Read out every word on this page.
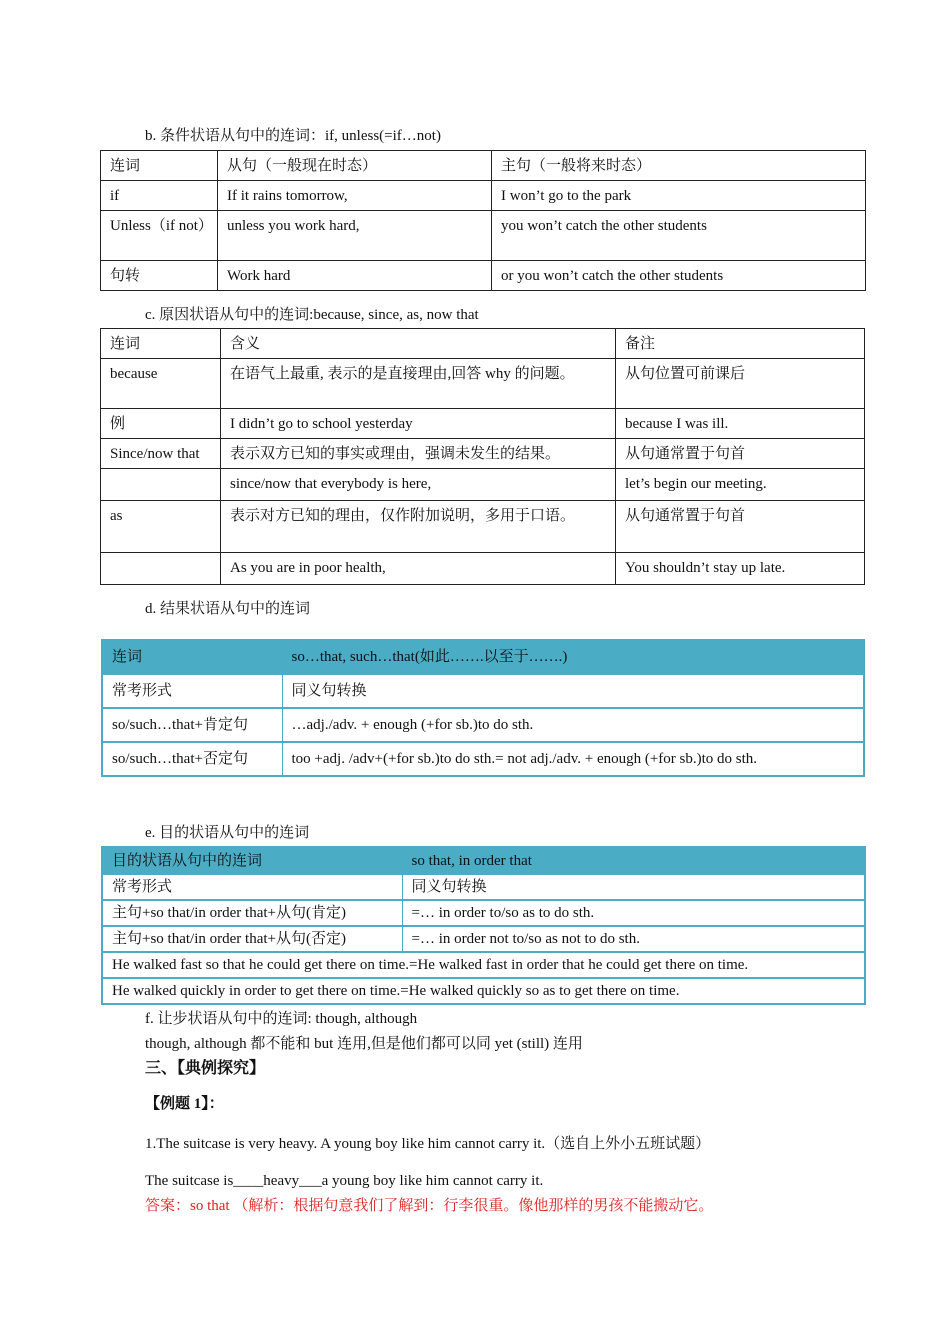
b. 条件状语从句中的连词：if, unless(=if…not)
连词	从句（一般现在时态）	主句（一般将来时态）
if	If it rains tomorrow,	I won’t go to the park
Unless（if not）	unless you work hard,	you won’t catch the other students
句转	Work hard	or you won’t catch the other students
c. 原因状语从句中的连词:because, since, as, now that
连词	含义	备注
because	在语气上最重, 表示的是直接理由,回答 why 的问题。	从句位置可前课后
例	I didn’t go to school yesterday	because I was ill.
Since/now that	表示双方已知的事实或理由，强调未发生的结果。	从句通常置于句首
	since/now that everybody is here,	let’s begin our meeting.
as	表示对方已知的理由，仅作附加说明，多用于口语。	从句通常置于句首
	As you are in poor health,	You shouldn’t stay up late.
d. 结果状语从句中的连词
连词	so…that, such…that(如此…….以至于…….)
常考形式	同义句转换
so/such…that+肯定句	…adj./adv. + enough (+for sb.)to do sth.
so/such…that+否定句	too +adj. /adv+(+for sb.)to do sth.= not adj./adv. + enough (+for sb.)to do sth.
e. 目的状语从句中的连词
目的状语从句中的连词	so that, in order that
常考形式	同义句转换
主句+so that/in order that+从句(肯定)	=… in order to/so as to do sth.
主句+so that/in order that+从句(否定)	=… in order not to/so as not to do sth.
He walked fast so that he could get there on time.=He walked fast in order that he could get there on time.	
He walked quickly in order to get there on time.=He walked quickly so as to get there on time.	
f. 让步状语从句中的连词: though, although
though, although 都不能和 but 连用,但是他们都可以同 yet (still) 连用
三、【典例探究】
【例题 1】：
1.The suitcase is very heavy. A young boy like him cannot carry it.（选自上外小五班试题）
The suitcase is____heavy___a young boy like him cannot carry it.
答案：so that （解析：根据句意我们了解到：行李很重。像他那样的男孩不能搬动它。
